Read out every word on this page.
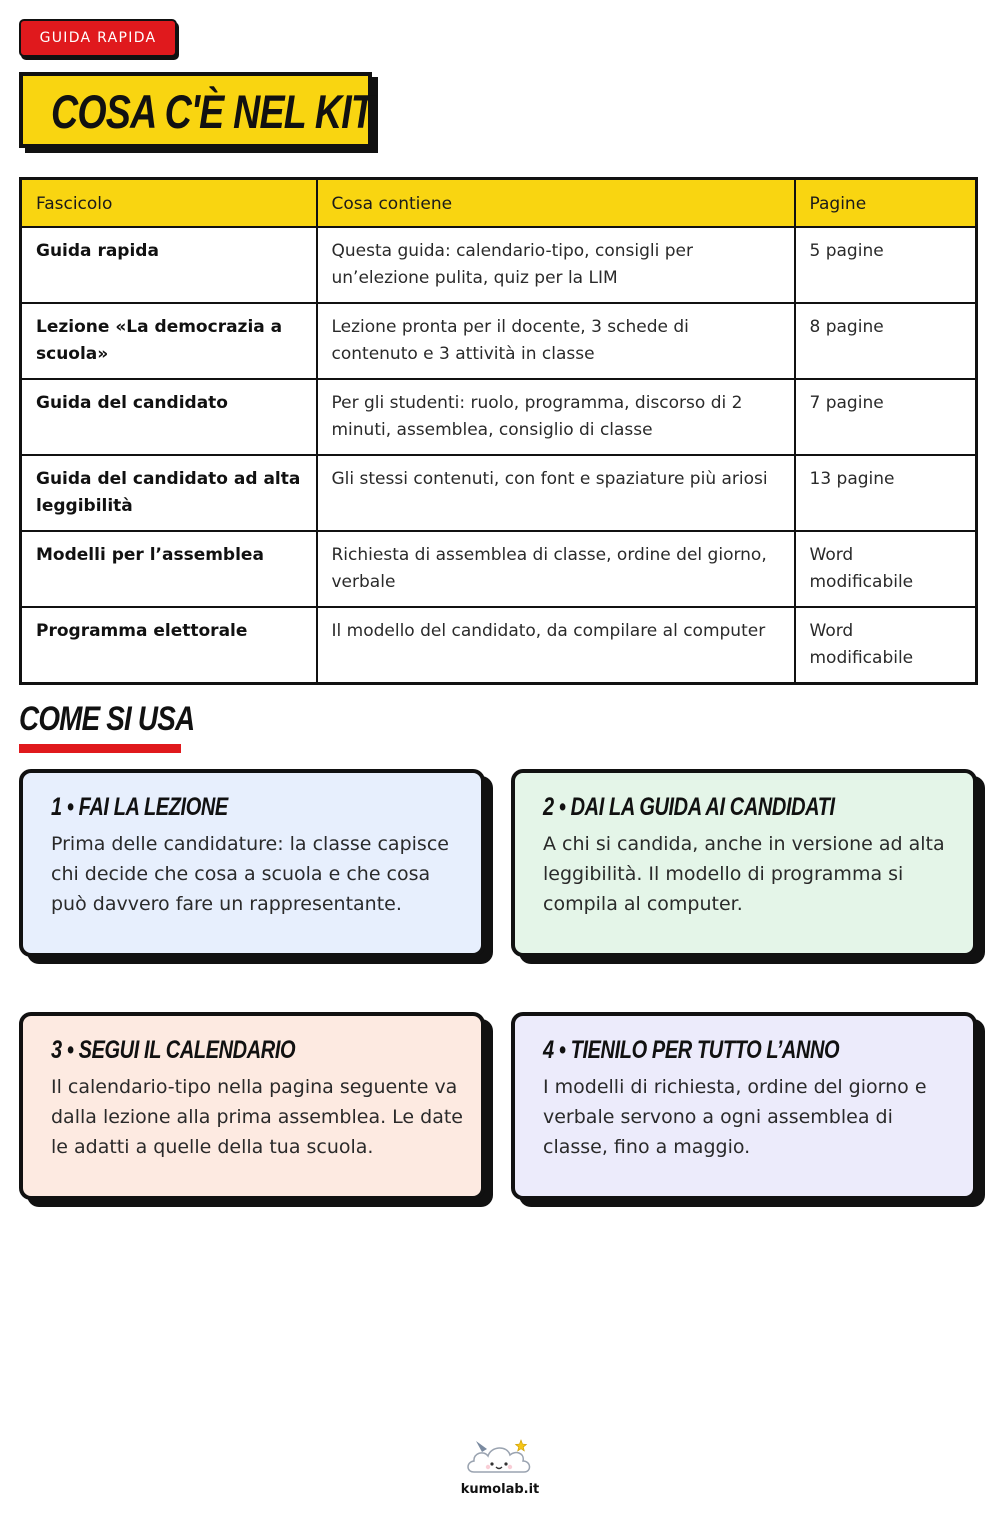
GUIDA RAPIDA
COSA C'È NEL KIT
Fascicolo	Cosa contiene	Pagine
Guida rapida	Questa guida: calendario-tipo, consigli per un’elezione pulita, quiz per la LIM	5 pagine
Lezione «La democrazia a scuola»	Lezione pronta per il docente, 3 schede di contenuto e 3 attività in classe	8 pagine
Guida del candidato	Per gli studenti: ruolo, programma, discorso di 2 minuti, assemblea, consiglio di classe	7 pagine
Guida del candidato ad alta leggibilità	Gli stessi contenuti, con font e spaziature più ariosi	13 pagine
Modelli per l’assemblea	Richiesta di assemblea di classe, ordine del giorno, verbale	Word modificabile
Programma elettorale	Il modello del candidato, da compilare al computer	Word modificabile
COME SI USA
1 • FAI LA LEZIONE

Prima delle candidature: la classe capisce chi decide che cosa a scuola e che cosa può davvero fare un rappresentante.

2 • DAI LA GUIDA AI CANDIDATI

A chi si candida, anche in versione ad alta leggibilità. Il modello di programma si compila al computer.

3 • SEGUI IL CALENDARIO

Il calendario-tipo nella pagina seguente va dalla lezione alla prima assemblea. Le date le adatti a quelle della tua scuola.

4 • TIENILO PER TUTTO L’ANNO

I modelli di richiesta, ordine del giorno e verbale servono a ogni assemblea di classe, fino a maggio.

kumolab.it
